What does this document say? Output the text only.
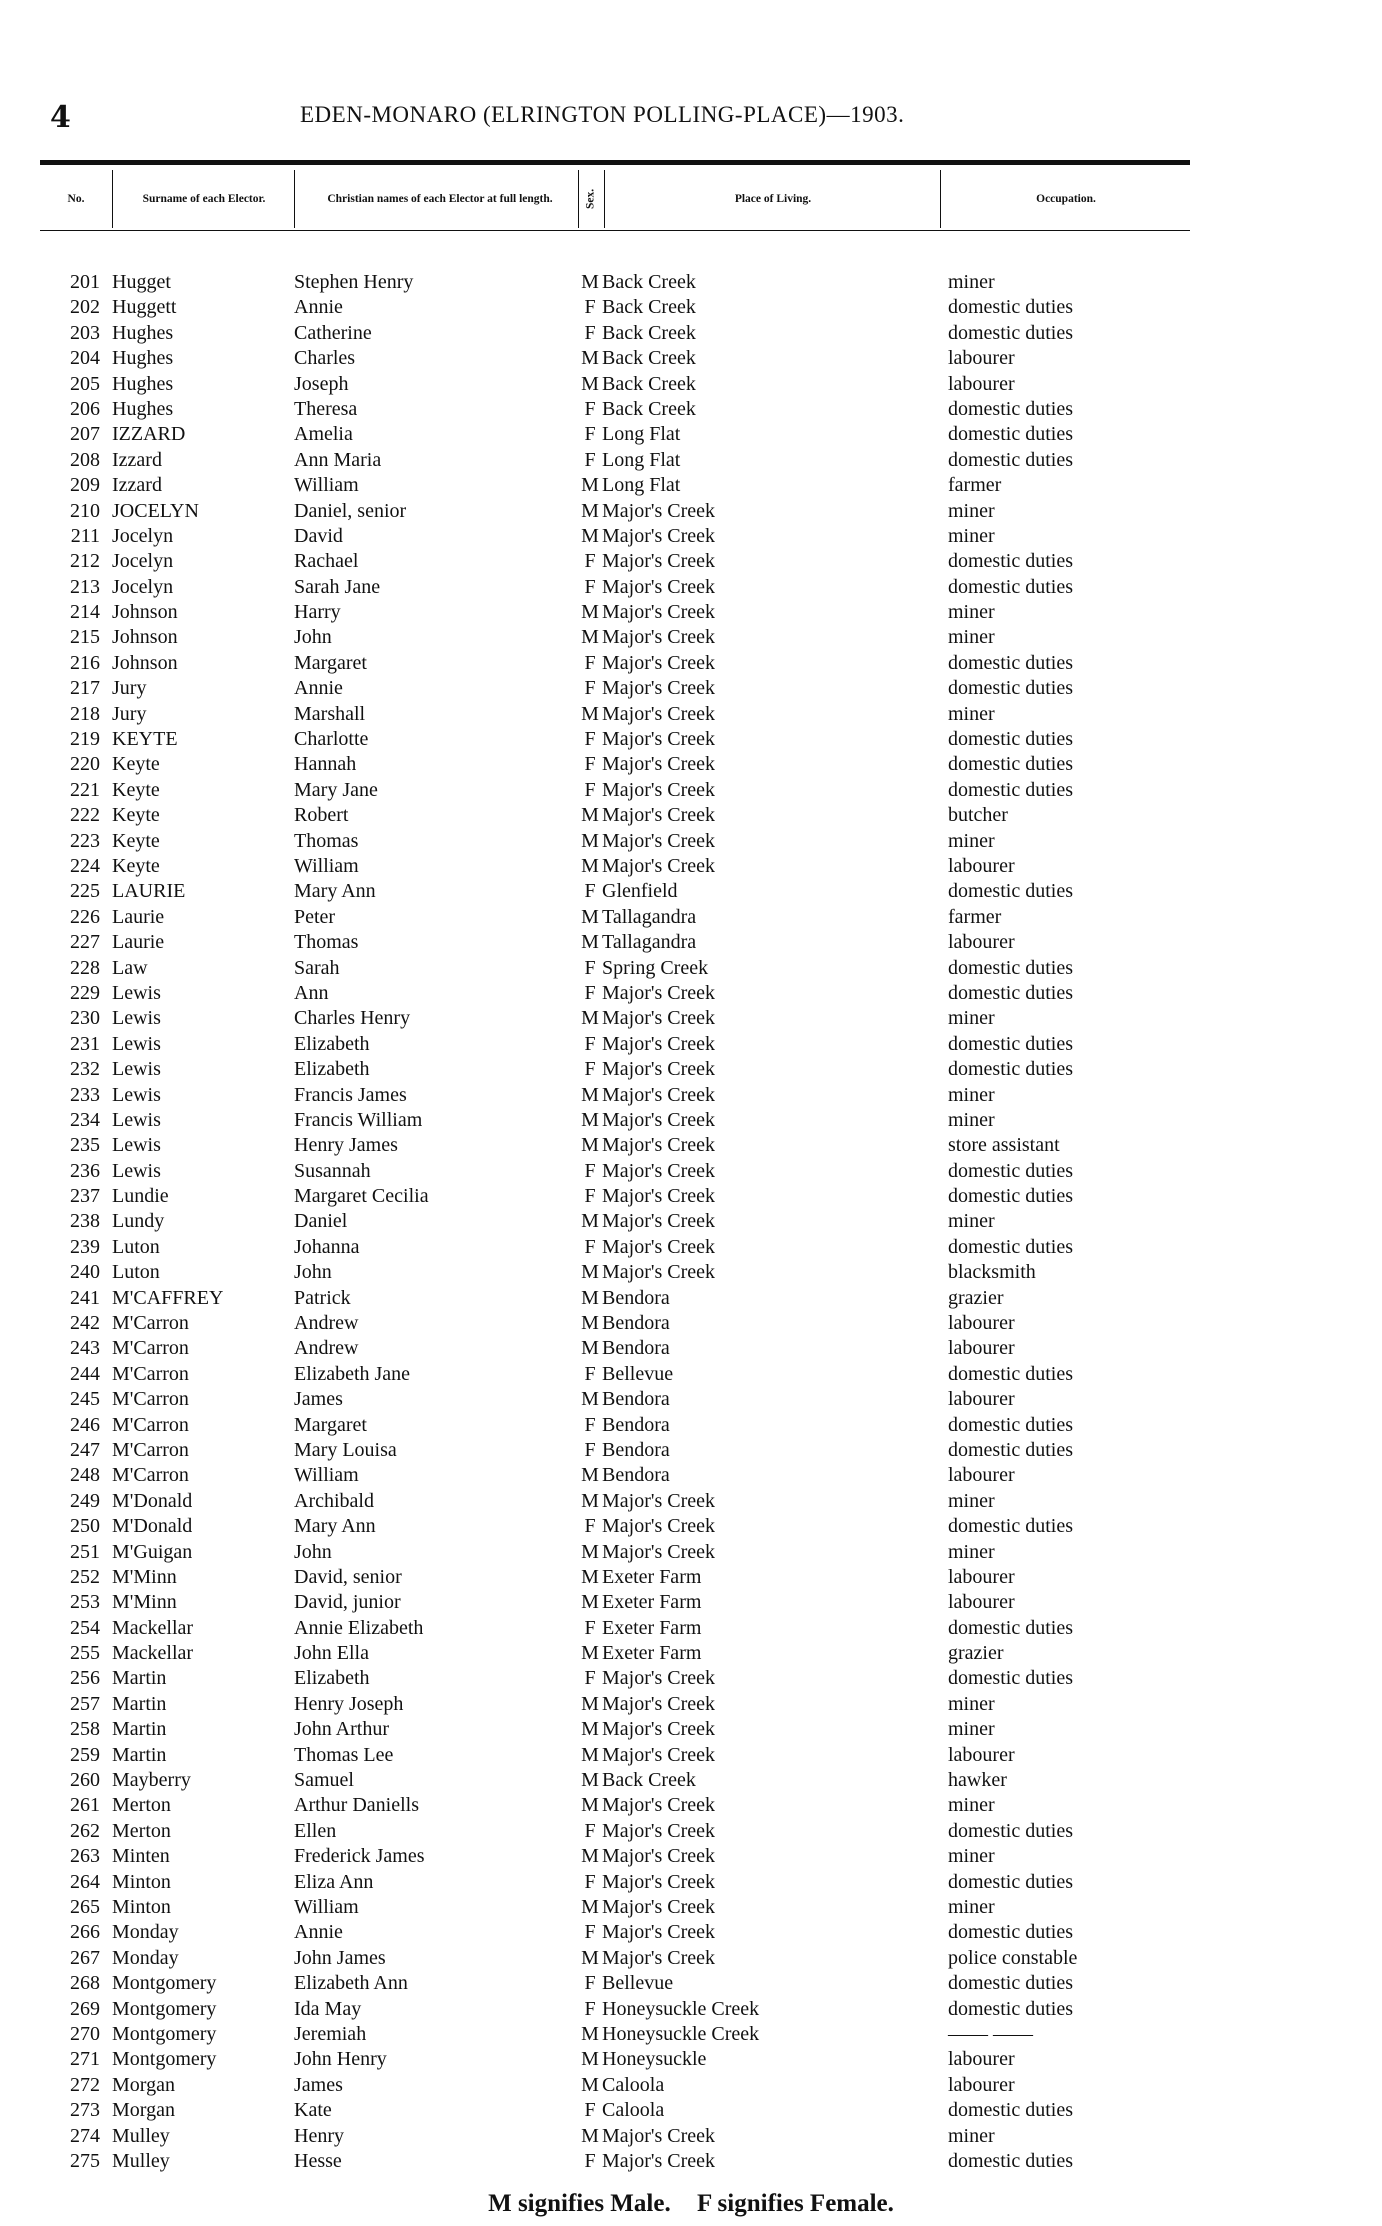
4	EDEN-MONARO (ELRINGTON POLLING-PLACE)—1903.
No.	Surname of each Elector.	Christian names of each Elector at full length.	Sex.	Place of Living.	Occupation.
201 Hugget	Stephen Henry	M Back Creek	miner
202 Huggett	Annie	F Back Creek	domestic duties
203 Hughes	Catherine	F Back Creek	domestic duties
204 Hughes	Charles	M Back Creek	labourer
205 Hughes	Joseph	M Back Creek	labourer
206 Hughes	Theresa	F Back Creek	domestic duties
207 IZZARD	Amelia	F Long Flat	domestic duties
208 Izzard	Ann Maria	F Long Flat	domestic duties
209 Izzard	William	M Long Flat	farmer
210 JOCELYN	Daniel, senior	M Major's Creek	miner
211 Jocelyn	David	M Major's Creek	miner
212 Jocelyn	Rachael	F Major's Creek	domestic duties
213 Jocelyn	Sarah Jane	F Major's Creek	domestic duties
214 Johnson	Harry	M Major's Creek	miner
215 Johnson	John	M Major's Creek	miner
216 Johnson	Margaret	F Major's Creek	domestic duties
217 Jury	Annie	F Major's Creek	domestic duties
218 Jury	Marshall	M Major's Creek	miner
219 KEYTE	Charlotte	F Major's Creek	domestic duties
220 Keyte	Hannah	F Major's Creek	domestic duties
221 Keyte	Mary Jane	F Major's Creek	domestic duties
222 Keyte	Robert	M Major's Creek	butcher
223 Keyte	Thomas	M Major's Creek	miner
224 Keyte	William	M Major's Creek	labourer
225 LAURIE	Mary Ann	F Glenfield	domestic duties
226 Laurie	Peter	M Tallagandra	farmer
227 Laurie	Thomas	M Tallagandra	labourer
228 Law	Sarah	F Spring Creek	domestic duties
229 Lewis	Ann	F Major's Creek	domestic duties
230 Lewis	Charles Henry	M Major's Creek	miner
231 Lewis	Elizabeth	F Major's Creek	domestic duties
232 Lewis	Elizabeth	F Major's Creek	domestic duties
233 Lewis	Francis James	M Major's Creek	miner
234 Lewis	Francis William	M Major's Creek	miner
235 Lewis	Henry James	M Major's Creek	store assistant
236 Lewis	Susannah	F Major's Creek	domestic duties
237 Lundie	Margaret Cecilia	F Major's Creek	domestic duties
238 Lundy	Daniel	M Major's Creek	miner
239 Luton	Johanna	F Major's Creek	domestic duties
240 Luton	John	M Major's Creek	blacksmith
241 M'CAFFREY	Patrick	M Bendora	grazier
242 M'Carron	Andrew	M Bendora	labourer
243 M'Carron	Andrew	M Bendora	labourer
244 M'Carron	Elizabeth Jane	F Bellevue	domestic duties
245 M'Carron	James	M Bendora	labourer
246 M'Carron	Margaret	F Bendora	domestic duties
247 M'Carron	Mary Louisa	F Bendora	domestic duties
248 M'Carron	William	M Bendora	labourer
249 M'Donald	Archibald	M Major's Creek	miner
250 M'Donald	Mary Ann	F Major's Creek	domestic duties
251 M'Guigan	John	M Major's Creek	miner
252 M'Minn	David, senior	M Exeter Farm	labourer
253 M'Minn	David, junior	M Exeter Farm	labourer
254 Mackellar	Annie Elizabeth	F Exeter Farm	domestic duties
255 Mackellar	John Ella	M Exeter Farm	grazier
256 Martin	Elizabeth	F Major's Creek	domestic duties
257 Martin	Henry Joseph	M Major's Creek	miner
258 Martin	John Arthur	M Major's Creek	miner
259 Martin	Thomas Lee	M Major's Creek	labourer
260 Mayberry	Samuel	M Back Creek	hawker
261 Merton	Arthur Daniells	M Major's Creek	miner
262 Merton	Ellen	F Major's Creek	domestic duties
263 Minten	Frederick James	M Major's Creek	miner
264 Minton	Eliza Ann	F Major's Creek	domestic duties
265 Minton	William	M Major's Creek	miner
266 Monday	Annie	F Major's Creek	domestic duties
267 Monday	John James	M Major's Creek	police constable
268 Montgomery	Elizabeth Ann	F Bellevue	domestic duties
269 Montgomery	Ida May	F Honeysuckle Creek	domestic duties
270 Montgomery	Jeremiah	M Honeysuckle Creek	—— ——
271 Montgomery	John Henry	M Honeysuckle	labourer
272 Morgan	James	M Caloola	labourer
273 Morgan	Kate	F Caloola	domestic duties
274 Mulley	Henry	M Major's Creek	miner
275 Mulley	Hesse	F Major's Creek	domestic duties
M signifies Male. F signifies Female.
